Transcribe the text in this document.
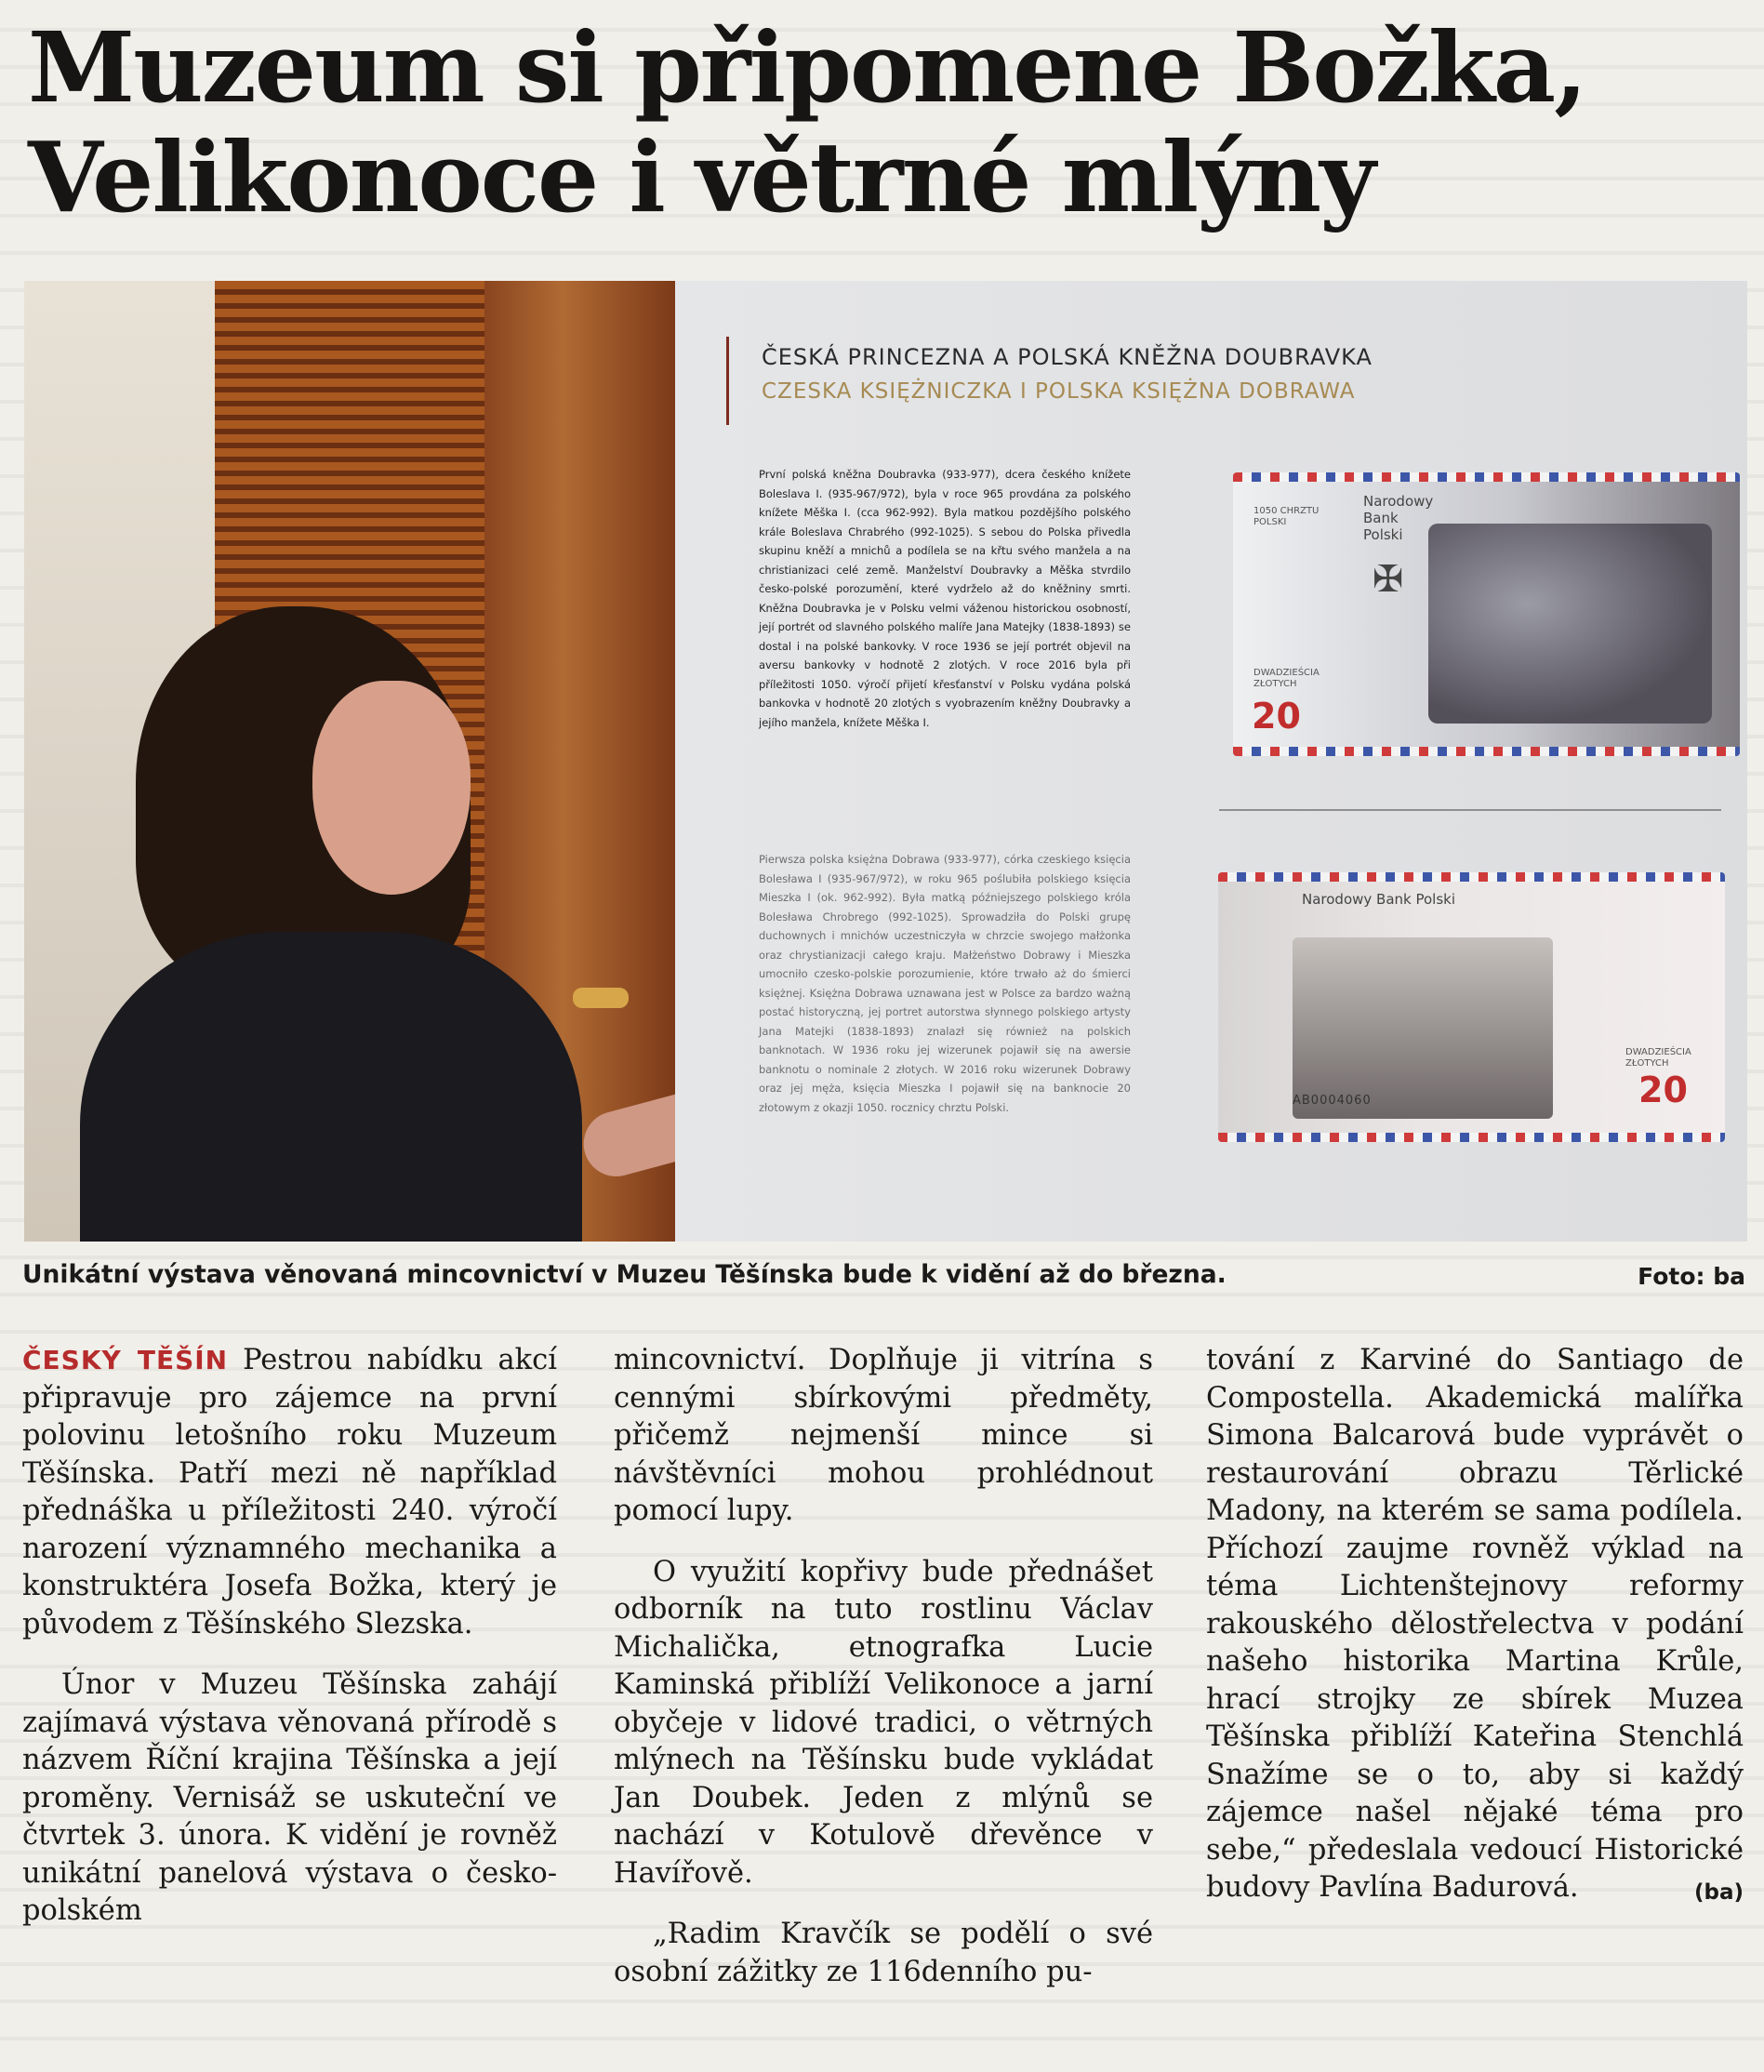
Muzeum si připomene Božka,
Velikonoce i větrné mlýny
ČESKÁ PRINCEZNA A POLSKÁ KNĚŽNA DOUBRAVKA
CZESKA KSIĘŻNICZKA I POLSKA KSIĘŻNA DOBRAWA
První polská kněžna Doubravka (933-977), dcera českého knížete Boleslava I. (935-967/972), byla v roce 965 provdána za polského knížete Měška I. (cca 962-992). Byla matkou pozdějšího polského krále Boleslava Chrabrého (992-1025). S sebou do Polska přivedla skupinu kněží a mnichů a podílela se na křtu svého manžela a na christianizaci celé země. Manželství Doubravky a Měška stvrdilo česko-polské porozumění, které vydrželo až do kněžniny smrti. Kněžna Doubravka je v Polsku velmi váženou historickou osobností, její portrét od slavného polského malíře Jana Matejky (1838-1893) se dostal i na polské bankovky. V roce 1936 se její portrét objevil na aversu bankovky v hodnotě 2 zlotých. V roce 2016 byla při příležitosti 1050. výročí přijetí křesťanství v Polsku vydána polská bankovka v hodnotě 20 zlotých s vyobrazením kněžny Doubravky a jejího manžela, knížete Měška I.
Pierwsza polska księżna Dobrawa (933-977), córka czeskiego księcia Bolesława I (935-967/972), w roku 965 poślubiła polskiego księcia Mieszka I (ok. 962-992). Była matką późniejszego polskiego króla Bolesława Chrobrego (992-1025). Sprowadziła do Polski grupę duchownych i mnichów uczestniczyła w chrzcie swojego małżonka oraz chrystianizacji całego kraju. Małżeństwo Dobrawy i Mieszka umocniło czesko-polskie porozumienie, które trwało aż do śmierci księżnej. Księżna Dobrawa uznawana jest w Polsce za bardzo ważną postać historyczną, jej portret autorstwa słynnego polskiego artysty Jana Matejki (1838-1893) znalazł się również na polskich banknotach. W 1936 roku jej wizerunek pojawił się na awersie banknotu o nominale 2 złotych. W 2016 roku wizerunek Dobrawy oraz jej męża, księcia Mieszka I pojawił się na banknocie 20 złotowym z okazji 1050. rocznicy chrztu Polski.
1050 CHRZTU POLSKI
Narodowy Bank Polski
✠
DWADZIEŚCIA ZŁOTYCH
20
Narodowy Bank Polski
AB0004060
DWADZIEŚCIA ZŁOTYCH
20
Unikátní výstava věnovaná mincovnictví v Muzeu Těšínska bude k vidění až do března.	Foto: ba

ČESKÝ TĚŠÍN Pestrou nabídku akcí připravuje pro zájemce na první polovinu letošního roku Muzeum Těšínska. Patří mezi ně například přednáška u příležitosti 240. výročí narození významného mechanika a konstruktéra Josefa Božka, který je původem z Těšínského Slezska.

Únor v Muzeu Těšínska zahájí zajímavá výstava věnovaná přírodě s názvem Říční krajina Těšínska a její proměny. Vernisáž se uskuteční ve čtvrtek 3. února. K vidění je rovněž unikátní panelová výstava o česko-polském

mincovnictví. Doplňuje ji vitrína s cennými sbírkovými předměty, přičemž nejmenší mince si návštěvníci mohou prohlédnout pomocí lupy.

O využití kopřivy bude přednášet odborník na tuto rostlinu Václav Michalička, etnografka Lucie Kaminská přiblíží Velikonoce a jarní obyčeje v lidové tradici, o větrných mlýnech na Těšínsku bude vykládat Jan Doubek. Jeden z mlýnů se nachází v Kotulově dřevěnce v Havířově.

„Radim Kravčík se podělí o své osobní zážitky ze 116denního pu-

tování z Karviné do Santiago de Compostella. Akademická malířka Simona Balcarová bude vyprávět o restaurování obrazu Těrlické Madony, na kterém se sama podílela. Příchozí zaujme rovněž výklad na téma Lichtenštejnovy reformy rakouského dělostřelectva v podání našeho historika Martina Krůle, hrací strojky ze sbírek Muzea Těšínska přiblíží Kateřina Stenchlá Snažíme se o to, aby si každý zájemce našel nějaké téma pro sebe,“ předeslala vedoucí Historické budovy Pavlína Badurová.	(ba)
